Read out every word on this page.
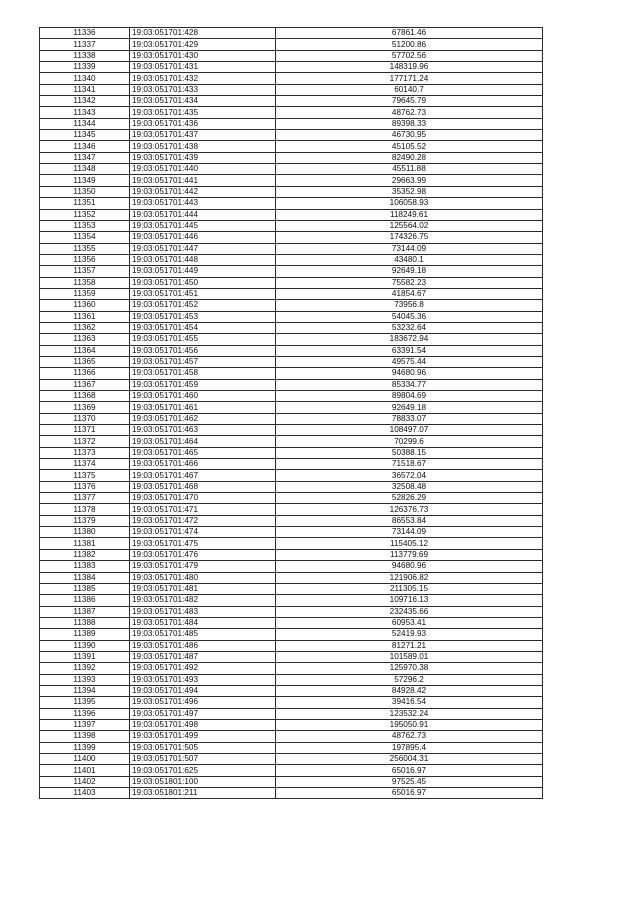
11336	19:03:051701:428	67861.46
11337	19:03:051701:429	51200.86
11338	19:03:051701:430	57702.56
11339	19:03:051701:431	148319.96
11340	19:03:051701:432	177171.24
11341	19:03:051701:433	60140.7
11342	19:03:051701:434	79645.79
11343	19:03:051701:435	48762.73
11344	19:03:051701:436	89398.33
11345	19:03:051701:437	46730.95
11346	19:03:051701:438	45105.52
11347	19:03:051701:439	82490.28
11348	19:03:051701:440	45511.88
11349	19:03:051701:441	29663.99
11350	19:03:051701:442	35352.98
11351	19:03:051701:443	106058.93
11352	19:03:051701:444	118249.61
11353	19:03:051701:445	125564.02
11354	19:03:051701:446	174326.75
11355	19:03:051701:447	73144.09
11356	19:03:051701:448	43480.1
11357	19:03:051701:449	92649.18
11358	19:03:051701:450	75582.23
11359	19:03:051701:451	41854.67
11360	19:03:051701:452	73956.8
11361	19:03:051701:453	54045.36
11362	19:03:051701:454	53232.64
11363	19:03:051701:455	183672.94
11364	19:03:051701:456	63391.54
11365	19:03:051701:457	49575.44
11366	19:03:051701:458	94680.96
11367	19:03:051701:459	85334.77
11368	19:03:051701:460	89804.69
11369	19:03:051701:461	92649.18
11370	19:03:051701:462	78833.07
11371	19:03:051701:463	108497.07
11372	19:03:051701:464	70299.6
11373	19:03:051701:465	50388.15
11374	19:03:051701:466	71518.67
11375	19:03:051701:467	36572.04
11376	19:03:051701:468	32508.48
11377	19:03:051701:470	52826.29
11378	19:03:051701:471	126376.73
11379	19:03:051701:472	86553.84
11380	19:03:051701:474	73144.09
11381	19:03:051701:475	115405.12
11382	19:03:051701:476	113779.69
11383	19:03:051701:479	94680.96
11384	19:03:051701:480	121906.82
11385	19:03:051701:481	211305.15
11386	19:03:051701:482	109716.13
11387	19:03:051701:483	232435.66
11388	19:03:051701:484	60953.41
11389	19:03:051701:485	52419.93
11390	19:03:051701:486	81271.21
11391	19:03:051701:487	101589.01
11392	19:03:051701:492	125970.38
11393	19:03:051701:493	57296.2
11394	19:03:051701:494	84928.42
11395	19:03:051701:496	39416.54
11396	19:03:051701:497	123532.24
11397	19:03:051701:498	195050.91
11398	19:03:051701:499	48762.73
11399	19:03:051701:505	197895.4
11400	19:03:051701:507	256004.31
11401	19:03:051701:625	65016.97
11402	19:03:051801:100	97525.45
11403	19:03:051801:211	65016.97
